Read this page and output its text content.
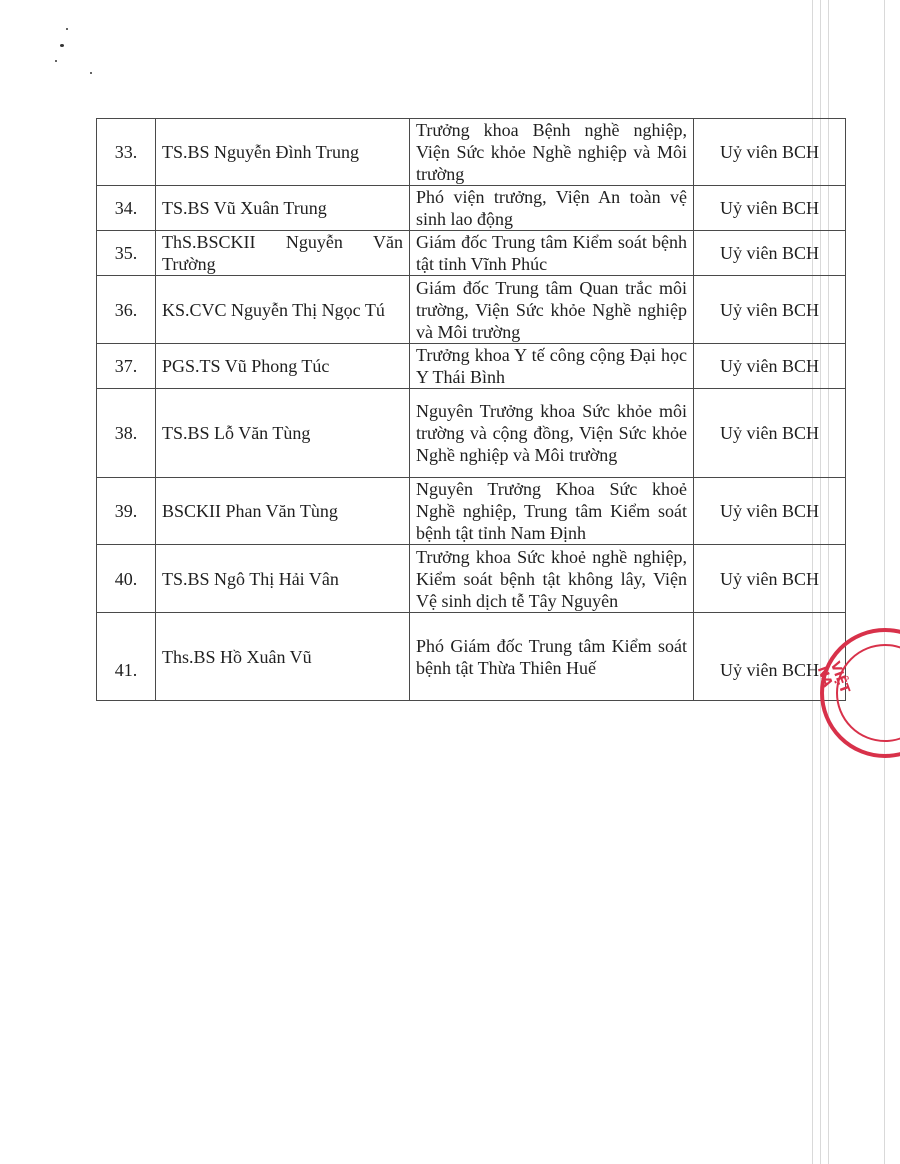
33.	TS.BS Nguyễn Đình Trung	Trưởng khoa Bệnh nghề nghiệp, Viện Sức khỏe Nghề nghiệp và Môi trường	Uỷ viên BCH
34.	TS.BS Vũ Xuân Trung	Phó viện trưởng, Viện An toàn vệ sinh lao động	Uỷ viên BCH
35.	ThS.BSCKII Nguyễn Văn Trường	Giám đốc Trung tâm Kiểm soát bệnh tật tỉnh Vĩnh Phúc	Uỷ viên BCH
36.	KS.CVC Nguyễn Thị Ngọc Tú	Giám đốc Trung tâm Quan trắc môi trường, Viện Sức khỏe Nghề nghiệp và Môi trường	Uỷ viên BCH
37.	PGS.TS Vũ Phong Túc	Trưởng khoa Y tế công cộng Đại học Y Thái Bình	Uỷ viên BCH
38.	TS.BS Lỗ Văn Tùng	Nguyên Trưởng khoa Sức khỏe môi trường và cộng đồng, Viện Sức khỏe Nghề nghiệp và Môi trường	Uỷ viên BCH
39.	BSCKII Phan Văn Tùng	Nguyên Trưởng Khoa Sức khoẻ Nghề nghiệp, Trung tâm Kiểm soát bệnh tật tỉnh Nam Định	Uỷ viên BCH
40.	TS.BS Ngô Thị Hải Vân	Trưởng khoa Sức khoẻ nghề nghiệp, Kiểm soát bệnh tật không lây, Viện Vệ sinh dịch tễ Tây Nguyên	Uỷ viên BCH
41.	Ths.BS Hồ Xuân Vũ	Phó Giám đốc Trung tâm Kiểm soát bệnh tật Thừa Thiên Huế	Uỷ viên BCH VIỆT NA
